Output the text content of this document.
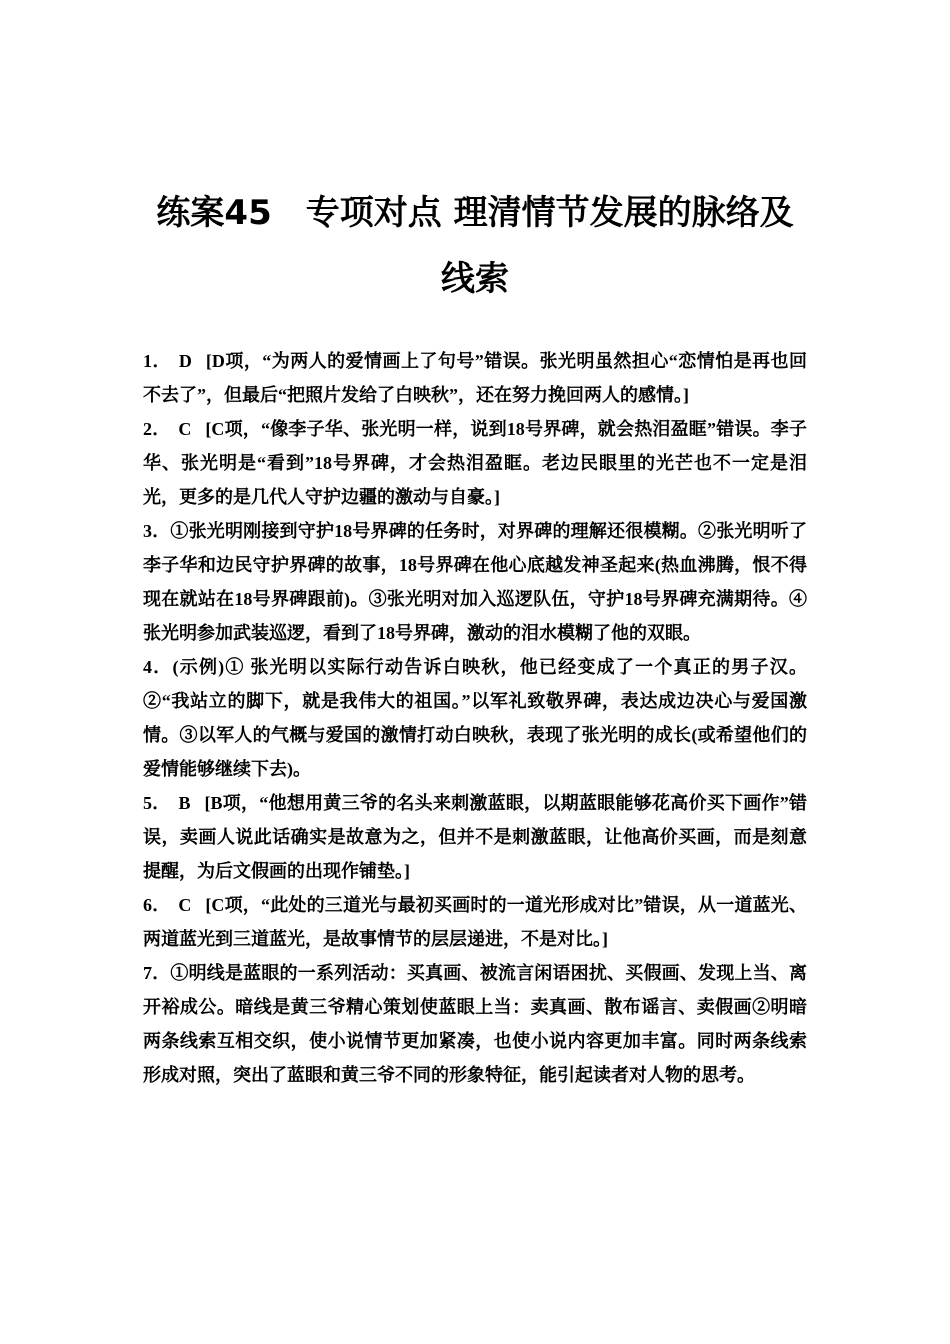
练案45　专项对点 理清情节发展的脉络及线索

1． D [D项，“为两人的爱情画上了句号”错误。张光明虽然担心“恋情怕是再也回不去了”，但最后“把照片发给了白映秋”，还在努力挽回两人的感情。]

2． C [C项，“像李子华、张光明一样，说到18号界碑，就会热泪盈眶”错误。李子华、张光明是“看到”18号界碑，才会热泪盈眶。老边民眼里的光芒也不一定是泪光，更多的是几代人守护边疆的激动与自豪。]

3．①张光明刚接到守护18号界碑的任务时，对界碑的理解还很模糊。②张光明听了李子华和边民守护界碑的故事，18号界碑在他心底越发神圣起来(热血沸腾，恨不得现在就站在18号界碑跟前)。③张光明对加入巡逻队伍，守护18号界碑充满期待。④张光明参加武装巡逻，看到了18号界碑，激动的泪水模糊了他的双眼。

4．(示例)① 张光明以实际行动告诉白映秋，他已经变成了一个真正的男子汉。②“我站立的脚下，就是我伟大的祖国。”以军礼致敬界碑，表达成边决心与爱国激情。③以军人的气概与爱国的激情打动白映秋，表现了张光明的成长(或希望他们的爱情能够继续下去)。

5． B [B项，“他想用黄三爷的名头来刺激蓝眼，以期蓝眼能够花高价买下画作”错误，卖画人说此话确实是故意为之，但并不是刺激蓝眼，让他高价买画，而是刻意提醒，为后文假画的出现作铺垫。]

6． C [C项，“此处的三道光与最初买画时的一道光形成对比”错误，从一道蓝光、两道蓝光到三道蓝光，是故事情节的层层递进，不是对比。]

7．①明线是蓝眼的一系列活动：买真画、被流言闲语困扰、买假画、发现上当、离开裕成公。暗线是黄三爷精心策划使蓝眼上当：卖真画、散布谣言、卖假画②明暗两条线索互相交织，使小说情节更加紧凑，也使小说内容更加丰富。同时两条线索形成对照，突出了蓝眼和黄三爷不同的形象特征，能引起读者对人物的思考。
